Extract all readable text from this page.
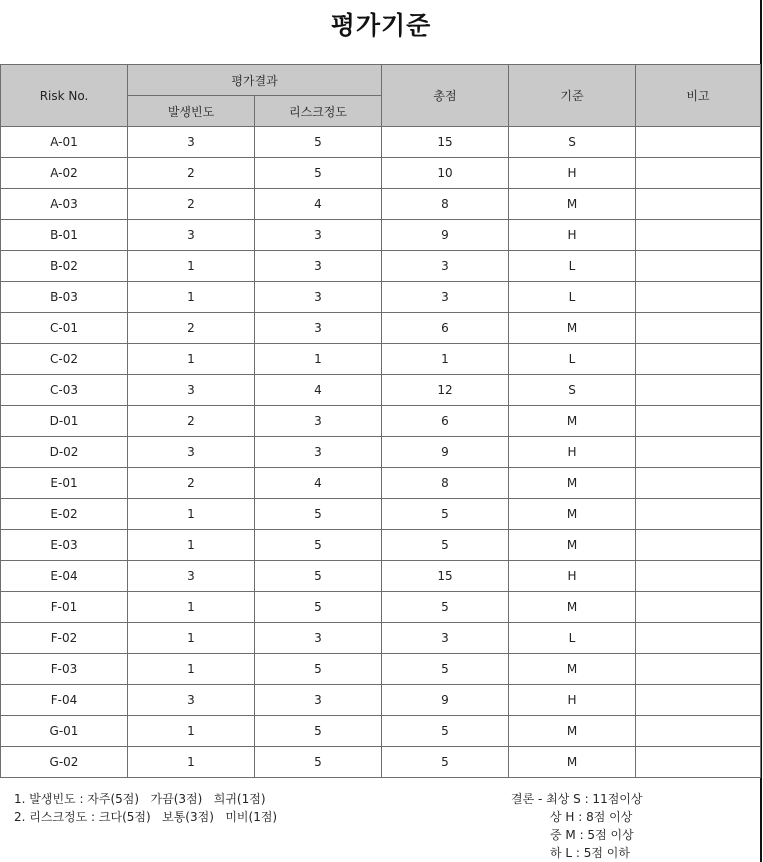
평가기준
Risk No.	평가결과		총점	기준	비고
	발생빈도	리스크정도			
A-01	3	5	15	S	
A-02	2	5	10	H	
A-03	2	4	8	M	
B-01	3	3	9	H	
B-02	1	3	3	L	
B-03	1	3	3	L	
C-01	2	3	6	M	
C-02	1	1	1	L	
C-03	3	4	12	S	
D-01	2	3	6	M	
D-02	3	3	9	H	
E-01	2	4	8	M	
E-02	1	5	5	M	
E-03	1	5	5	M	
E-04	3	5	15	H	
F-01	1	5	5	M	
F-02	1	3	3	L	
F-03	1	5	5	M	
F-04	3	3	9	H	
G-01	1	5	5	M	
G-02	1	5	5	M	
1. 발생빈도 : 자주(5점)   가끔(3점)   희귀(1점)
2. 리스크정도 : 크다(5점)   보통(3점)   미비(1점)
결론 - 최상 S : 11점이상
상 H : 8점 이상
중 M : 5점 이상
하 L : 5점 이하
